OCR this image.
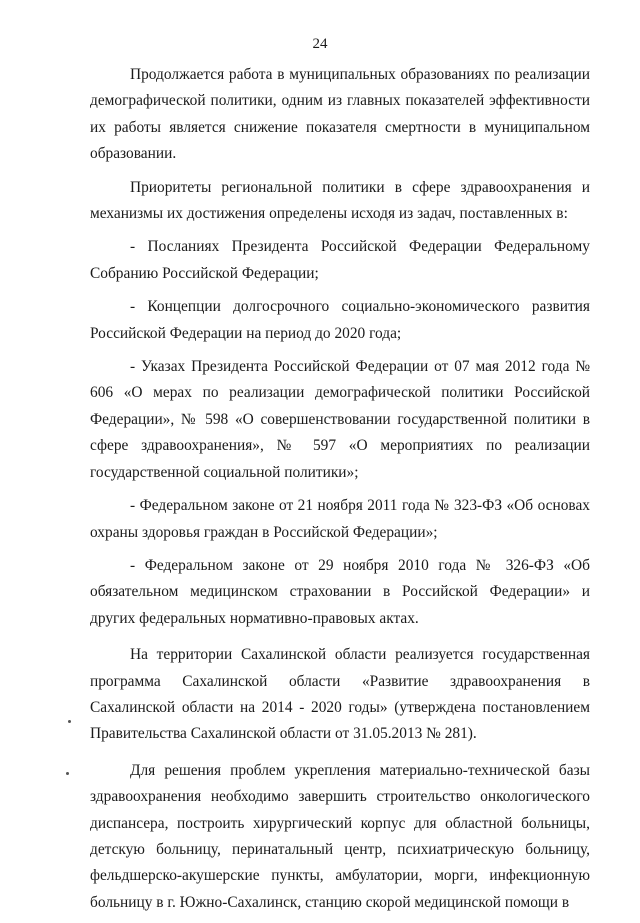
24

Продолжается работа в муниципальных образованиях по реализации демографической политики, одним из главных показателей эффективности их работы является снижение показателя смертности в муниципальном образовании.

Приоритеты региональной политики в сфере здравоохранения и механизмы их достижения определены исходя из задач, поставленных в:

- Посланиях Президента Российской Федерации Федеральному Собранию Российской Федерации;

- Концепции долгосрочного социально-экономического развития Российской Федерации на период до 2020 года;

- Указах Президента Российской Федерации от 07 мая 2012 года № 606 «О мерах по реализации демографической политики Российской Федерации», № 598 «О совершенствовании государственной политики в сфере здравоохранения», № 597 «О мероприятиях по реализации государственной социальной политики»;

- Федеральном законе от 21 ноября 2011 года № 323-ФЗ «Об основах охраны здоровья граждан в Российской Федерации»;

- Федеральном законе от 29 ноября 2010 года № 326-ФЗ «Об обязательном медицинском страховании в Российской Федерации» и других федеральных нормативно-правовых актах.

На территории Сахалинской области реализуется государственная программа Сахалинской области «Развитие здравоохранения в Сахалинской области на 2014 - 2020 годы» (утверждена постановлением Правительства Сахалинской области от 31.05.2013 № 281).

Для решения проблем укрепления материально-технической базы здравоохранения необходимо завершить строительство онкологического диспансера, построить хирургический корпус для областной больницы, детскую больницу, перинатальный центр, психиатрическую больницу, фельдшерско-акушерские пункты, амбулатории, морги, инфекционную больницу в г. Южно-Сахалинск, станцию скорой медицинской помощи в
